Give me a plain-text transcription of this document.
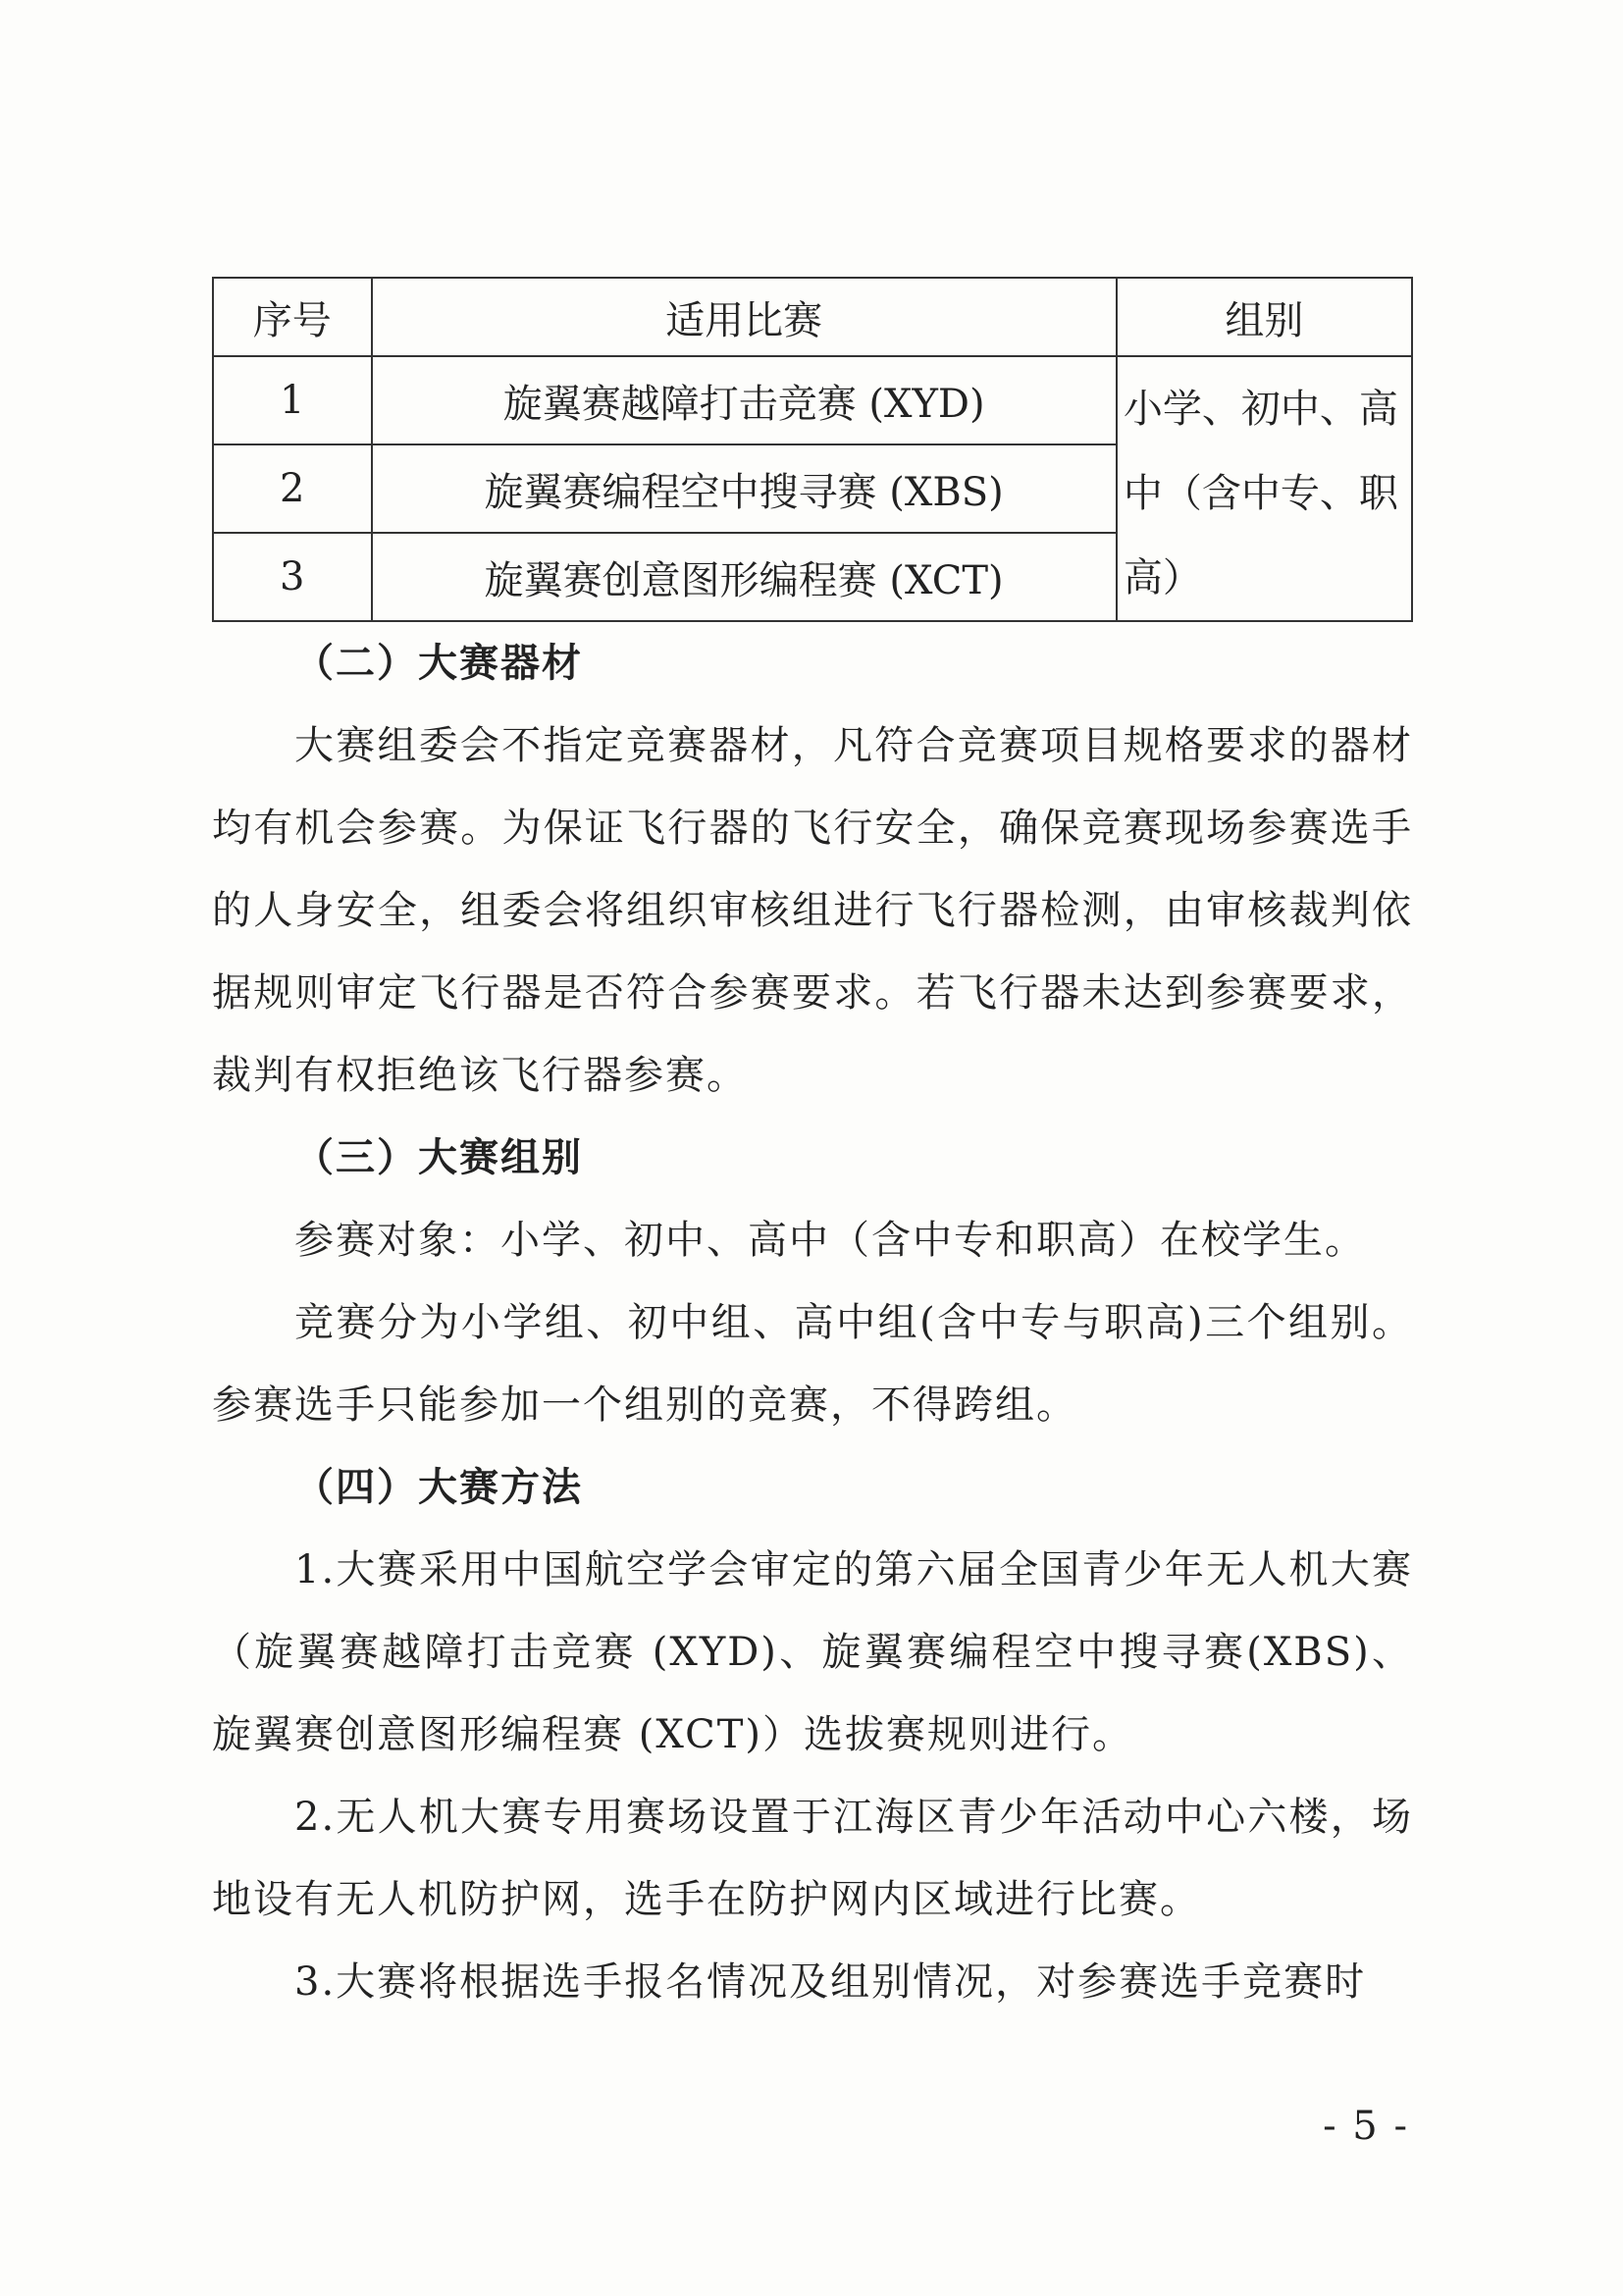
序号	适用比赛	组别
1	旋翼赛越障打击竞赛 (XYD)	小学、初中、高中（含中专、职高）
2	旋翼赛编程空中搜寻赛 (XBS)	
3	旋翼赛创意图形编程赛 (XCT)	

（二）大赛器材

大赛组委会不指定竞赛器材，凡符合竞赛项目规格要求的器材均有机会参赛。为保证飞行器的飞行安全，确保竞赛现场参赛选手的人身安全，组委会将组织审核组进行飞行器检测，由审核裁判依据规则审定飞行器是否符合参赛要求。若飞行器未达到参赛要求，裁判有权拒绝该飞行器参赛。

（三）大赛组别

参赛对象：小学、初中、高中（含中专和职高）在校学生。

竞赛分为小学组、初中组、高中组(含中专与职高)三个组别。参赛选手只能参加一个组别的竞赛，不得跨组。

（四）大赛方法

1.大赛采用中国航空学会审定的第六届全国青少年无人机大赛（旋翼赛越障打击竞赛 (XYD)、旋翼赛编程空中搜寻赛(XBS)、旋翼赛创意图形编程赛 (XCT)）选拔赛规则进行。

2.无人机大赛专用赛场设置于江海区青少年活动中心六楼，场地设有无人机防护网，选手在防护网内区域进行比赛。

3.大赛将根据选手报名情况及组别情况，对参赛选手竞赛时

- 5 -
